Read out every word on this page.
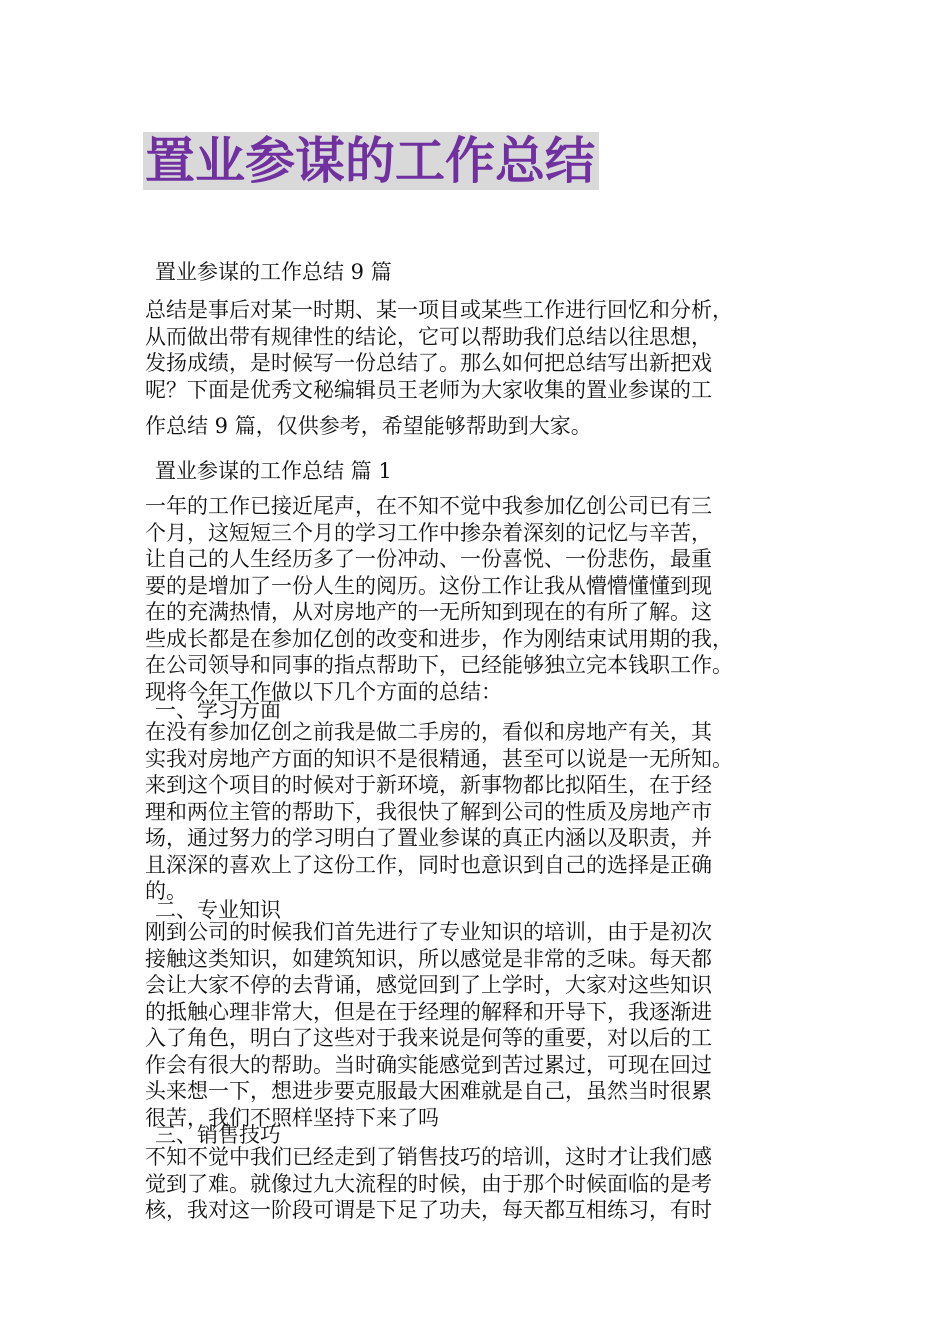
置业参谋的工作总结
置业参谋的工作总结 9 篇
总结是事后对某一时期、某一项目或某些工作进行回忆和分析，
从而做出带有规律性的结论，它可以帮助我们总结以往思想，
发扬成绩，是时候写一份总结了。那么如何把总结写出新把戏
呢？下面是优秀文秘编辑员王老师为大家收集的置业参谋的工
作总结 9 篇，仅供参考，希望能够帮助到大家。
置业参谋的工作总结 篇 1
一年的工作已接近尾声，在不知不觉中我参加亿创公司已有三
个月，这短短三个月的学习工作中掺杂着深刻的记忆与辛苦，
让自己的人生经历多了一份冲动、一份喜悦、一份悲伤，最重
要的是增加了一份人生的阅历。这份工作让我从懵懵懂懂到现
在的充满热情，从对房地产的一无所知到现在的有所了解。这
些成长都是在参加亿创的改变和进步，作为刚结束试用期的我，
在公司领导和同事的指点帮助下，已经能够独立完本钱职工作。
现将今年工作做以下几个方面的总结：
一、学习方面
在没有参加亿创之前我是做二手房的，看似和房地产有关，其
实我对房地产方面的知识不是很精通，甚至可以说是一无所知。
来到这个项目的时候对于新环境，新事物都比拟陌生，在于经
理和两位主管的帮助下，我很快了解到公司的性质及房地产市
场，通过努力的学习明白了置业参谋的真正内涵以及职责，并
且深深的喜欢上了这份工作，同时也意识到自己的选择是正确
的。
二、专业知识
刚到公司的时候我们首先进行了专业知识的培训，由于是初次
接触这类知识，如建筑知识，所以感觉是非常的乏味。每天都
会让大家不停的去背诵，感觉回到了上学时，大家对这些知识
的抵触心理非常大，但是在于经理的解释和开导下，我逐渐进
入了角色，明白了这些对于我来说是何等的重要，对以后的工
作会有很大的帮助。当时确实能感觉到苦过累过，可现在回过
头来想一下，想进步要克服最大困难就是自己，虽然当时很累
很苦，我们不照样坚持下来了吗
三、销售技巧
不知不觉中我们已经走到了销售技巧的培训，这时才让我们感
觉到了难。就像过九大流程的时候，由于那个时候面临的是考
核，我对这一阶段可谓是下足了功夫，每天都互相练习，有时
